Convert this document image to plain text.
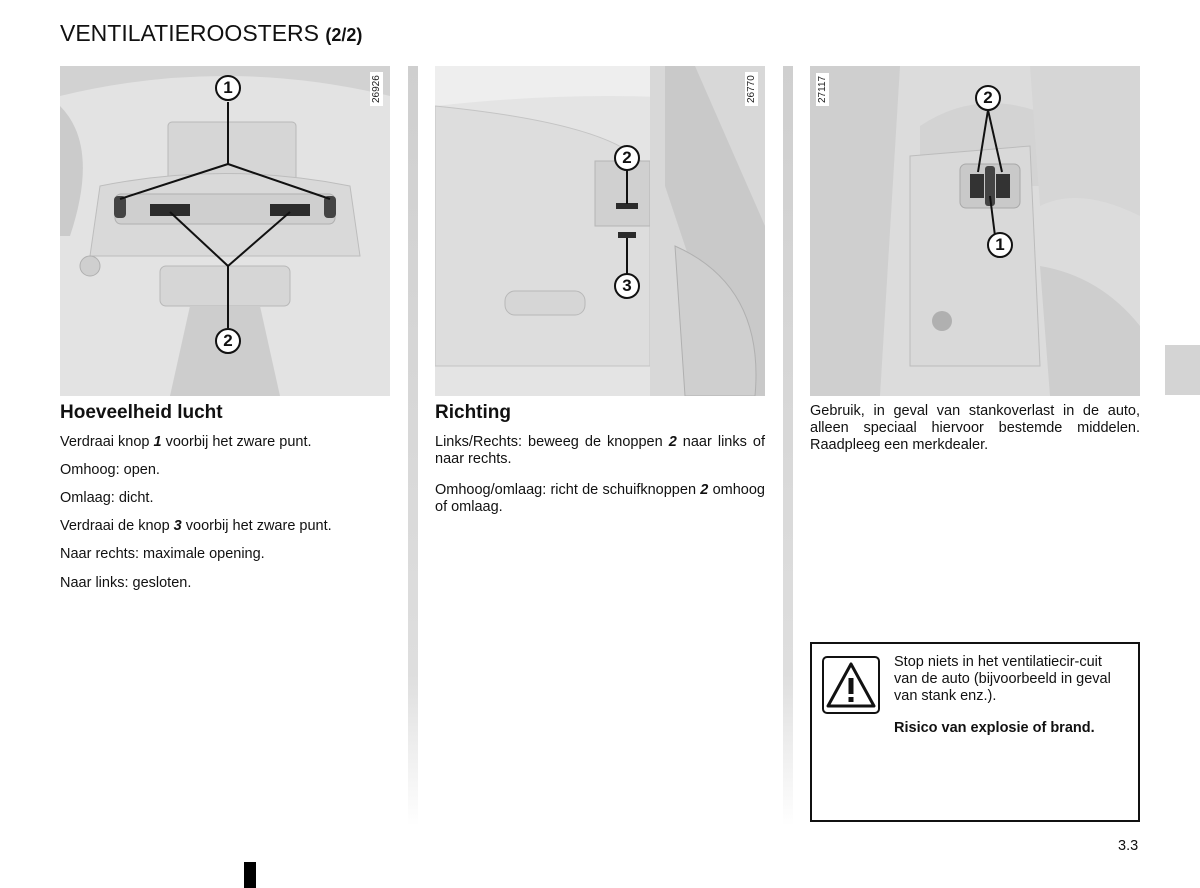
VENTILATIEROOSTERS (2/2)
1
2
26926
2
3
26770	2
1
27117
Hoeveelheid lucht

Verdraai knop 1 voorbij het zware punt.

Omhoog: open.

Omlaag: dicht.

Verdraai de knop 3 voorbij het zware punt.

Naar rechts: maximale opening.

Naar links: gesloten.

Richting

Links/Rechts: beweeg de knoppen 2 naar links of naar rechts.

Omhoog/omlaag: richt de schuifknoppen 2 omhoog of omlaag.

Gebruik, in geval van stankoverlast in de auto, alleen speciaal hiervoor bestemde middelen. Raadpleeg een merkdealer.

Stop niets in het ventilatiecir-cuit van de auto (bijvoorbeeld in geval van stank enz.).

Risico van explosie of brand.

3.3
